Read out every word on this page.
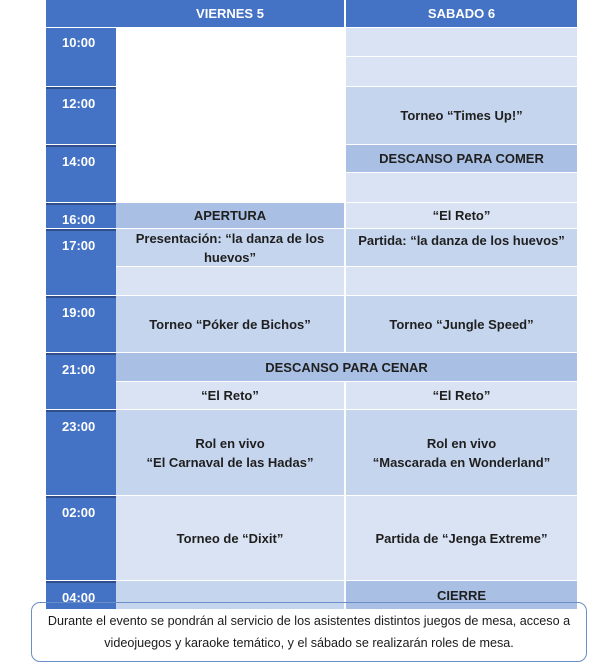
VIERNES 5	SABADO 6
10:00
12:00
14:00
16:00
17:00
19:00
21:00
23:00
02:00
04:00
APERTURA
Presentación: “la danza de los huevos”
Torneo “Póker de Bichos”
“El Reto”
Rol en vivo
“El Carnaval de las Hadas”
Torneo de “Dixit”
DESCANSO PARA CENAR
Torneo “Times Up!”
DESCANSO PARA COMER
“El Reto”
Partida: “la danza de los huevos”
Torneo “Jungle Speed”
“El Reto”
Rol en vivo
“Mascarada en Wonderland”
Partida de “Jenga Extreme”
CIERRE
Durante el evento se pondrán al servicio de los asistentes distintos juegos de mesa, acceso a videojuegos y karaoke temático, y el sábado se realizarán roles de mesa.
